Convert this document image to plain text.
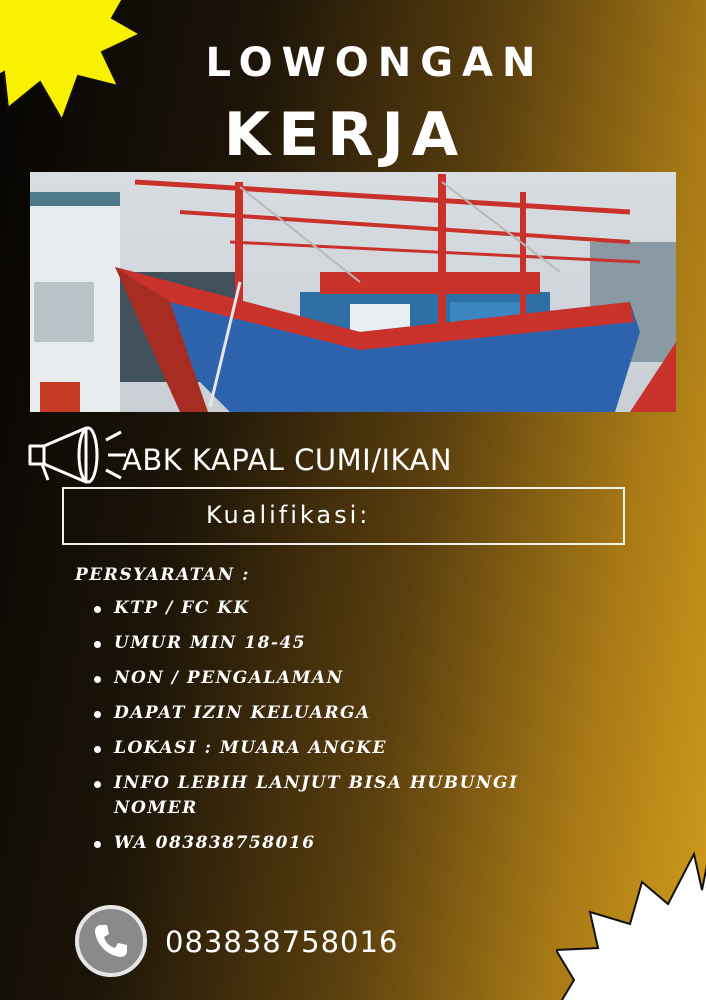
LOWONGAN
KERJA
ABK KAPAL CUMI/IKAN
Kualifikasi:
PERSYARATAN :
KTP / FC KK
UMUR MIN 18-45
NON / PENGALAMAN
DAPAT IZIN KELUARGA
LOKASI : MUARA ANGKE
INFO LEBIH LANJUT BISA HUBUNGI NOMER
WA 083838758016
083838758016
